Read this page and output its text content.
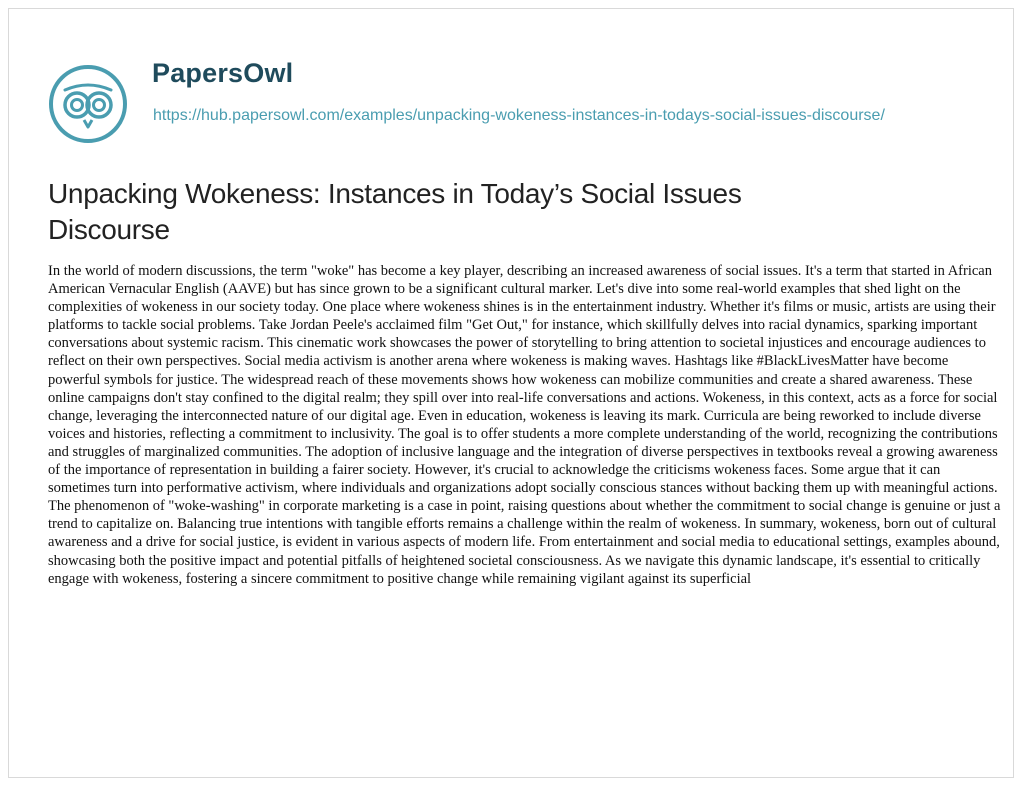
PapersOwl
https://hub.papersowl.com/examples/unpacking-wokeness-instances-in-todays-social-issues-discourse/
Unpacking Wokeness: Instances in Today’s Social Issues Discourse

In the world of modern discussions, the term "woke" has become a key player, describing an increased awareness of social issues. It's a term that started in African American Vernacular English (AAVE) but has since grown to be a significant cultural marker. Let's dive into some real-world examples that shed light on the complexities of wokeness in our society today. One place where wokeness shines is in the entertainment industry. Whether it's films or music, artists are using their platforms to tackle social problems. Take Jordan Peele's acclaimed film "Get Out," for instance, which skillfully delves into racial dynamics, sparking important conversations about systemic racism. This cinematic work showcases the power of storytelling to bring attention to societal injustices and encourage audiences to reflect on their own perspectives. Social media activism is another arena where wokeness is making waves. Hashtags like #BlackLivesMatter have become powerful symbols for justice. The widespread reach of these movements shows how wokeness can mobilize communities and create a shared awareness. These online campaigns don't stay confined to the digital realm; they spill over into real-life conversations and actions. Wokeness, in this context, acts as a force for social change, leveraging the interconnected nature of our digital age. Even in education, wokeness is leaving its mark. Curricula are being reworked to include diverse voices and histories, reflecting a commitment to inclusivity. The goal is to offer students a more complete understanding of the world, recognizing the contributions and struggles of marginalized communities. The adoption of inclusive language and the integration of diverse perspectives in textbooks reveal a growing awareness of the importance of representation in building a fairer society. However, it's crucial to acknowledge the criticisms wokeness faces. Some argue that it can sometimes turn into performative activism, where individuals and organizations adopt socially conscious stances without backing them up with meaningful actions. The phenomenon of "woke-washing" in corporate marketing is a case in point, raising questions about whether the commitment to social change is genuine or just a trend to capitalize on. Balancing true intentions with tangible efforts remains a challenge within the realm of wokeness. In summary, wokeness, born out of cultural awareness and a drive for social justice, is evident in various aspects of modern life. From entertainment and social media to educational settings, examples abound, showcasing both the positive impact and potential pitfalls of heightened societal consciousness. As we navigate this dynamic landscape, it's essential to critically engage with wokeness, fostering a sincere commitment to positive change while remaining vigilant against its superficial
